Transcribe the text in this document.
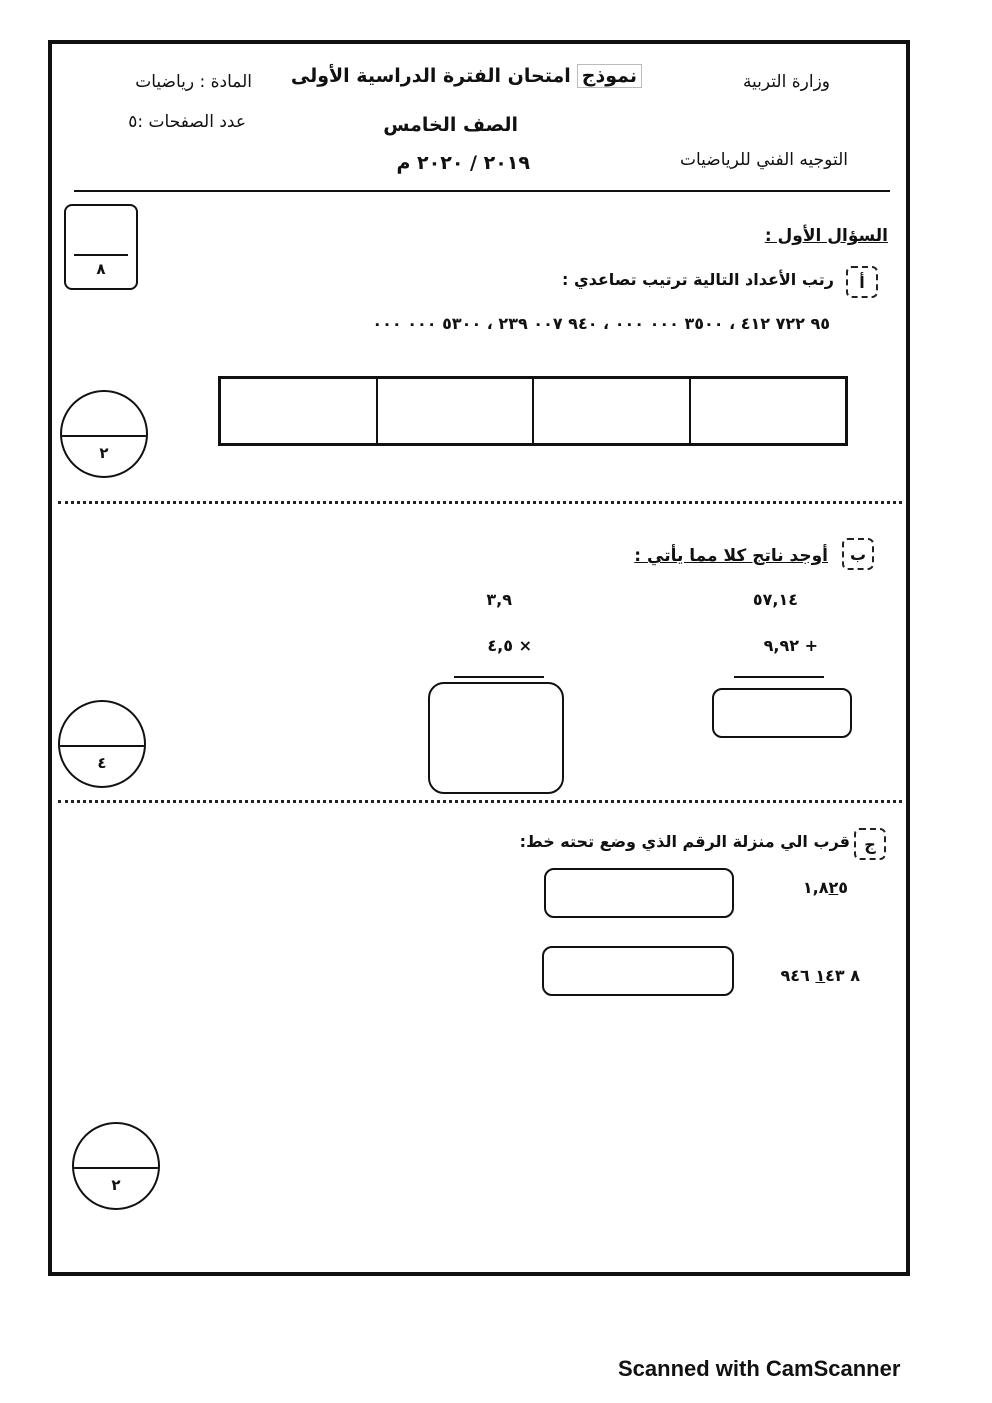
وزارة التربية
التوجيه الفني للرياضيات
نموذج
امتحان الفترة الدراسية الأولى
الصف الخامس
٢٠١٩ / ٢٠٢٠ م
المادة : رياضيات
عدد الصفحات :٥
٨
السؤال الأول :
أ
رتب الأعداد التالية ترتيب تصاعدي :
٩٥ ٧٢٢ ٤١٢ ، ٣٥٠٠ ٠٠٠ ٠٠٠ ، ٩٤٠ ٠٠٧ ٢٣٩ ، ٥٣٠٠ ٠٠٠ ٠٠٠
٢
ب
أوجد ناتج كلا مما يأتي :
٥٧,١٤
+ ٩,٩٢
٣,٩
× ٤,٥
٤
ج
قرب الي منزلة الرقم الذي وضع تحته خط:
١,٨٢٥
٨ ١٤٣ ٩٤٦
٢
Scanned with CamScanner
